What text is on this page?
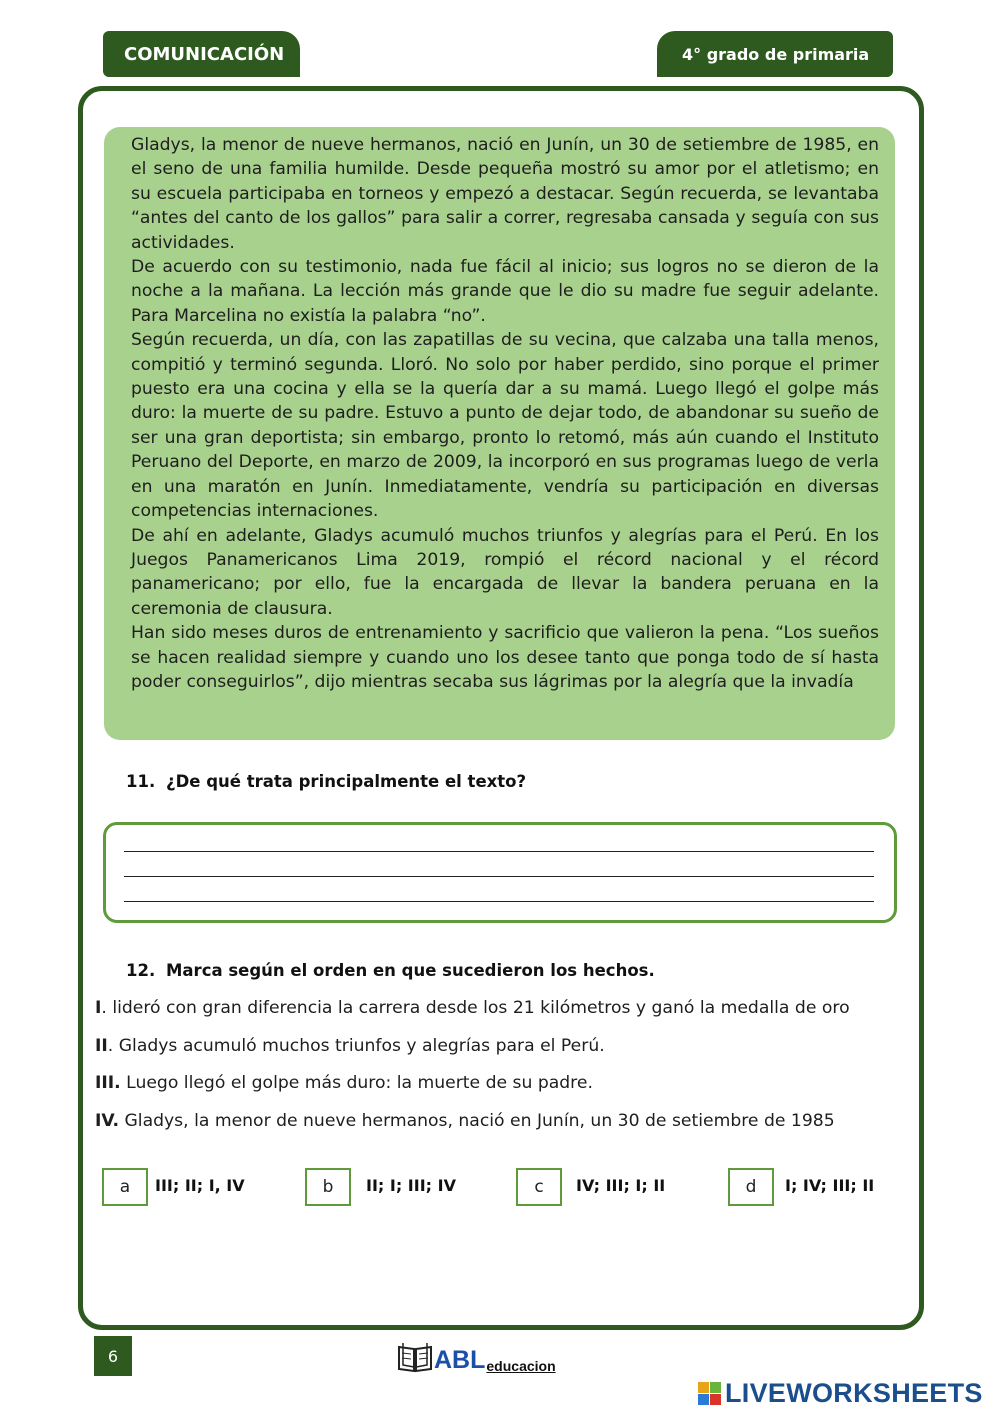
COMUNICACIÓN	4° grado de primaria

Gladys, la menor de nueve hermanos, nació en Junín, un 30 de setiembre de 1985, en el seno de una familia humilde. Desde pequeña mostró su amor por el atletismo; en su escuela participaba en torneos y empezó a destacar. Según recuerda, se levantaba “antes del canto de los gallos” para salir a correr, regresaba cansada y seguía con sus actividades.

De acuerdo con su testimonio, nada fue fácil al inicio; sus logros no se dieron de la noche a la mañana. La lección más grande que le dio su madre fue seguir adelante. Para Marcelina no existía la palabra “no”.

Según recuerda, un día, con las zapatillas de su vecina, que calzaba una talla menos, compitió y terminó segunda. Lloró. No solo por haber perdido, sino porque el primer puesto era una cocina y ella se la quería dar a su mamá. Luego llegó el golpe más duro: la muerte de su padre. Estuvo a punto de dejar todo, de abandonar su sueño de ser una gran deportista; sin embargo, pronto lo retomó, más aún cuando el Instituto Peruano del Deporte, en marzo de 2009, la incorporó en sus programas luego de verla en una maratón en Junín. Inmediatamente, vendría su participación en diversas competencias internaciones.

De ahí en adelante, Gladys acumuló muchos triunfos y alegrías para el Perú. En los Juegos Panamericanos Lima 2019, rompió el récord nacional y el récord panamericano; por ello, fue la encargada de llevar la bandera peruana en la ceremonia de clausura.

Han sido meses duros de entrenamiento y sacrificio que valieron la pena. “Los sueños se hacen realidad siempre y cuando uno los desee tanto que ponga todo de sí hasta poder conseguirlos”, dijo mientras secaba sus lágrimas por la alegría que la invadía

11. ¿De qué trata principalmente el texto?
12. Marca según el orden en que sucedieron los hechos.
I. lideró con gran diferencia la carrera desde los 21 kilómetros y ganó la medalla de oro
II. Gladys acumuló muchos triunfos y alegrías para el Perú.
III. Luego llegó el golpe más duro: la muerte de su padre.
IV. Gladys, la menor de nueve hermanos, nació en Junín, un 30 de setiembre de 1985
a III; II; I, IV	b II; I; III; IV	c IV; III; I; II	d I; IV; III; II
6	ABL educacion
LIVEWORKSHEETS
